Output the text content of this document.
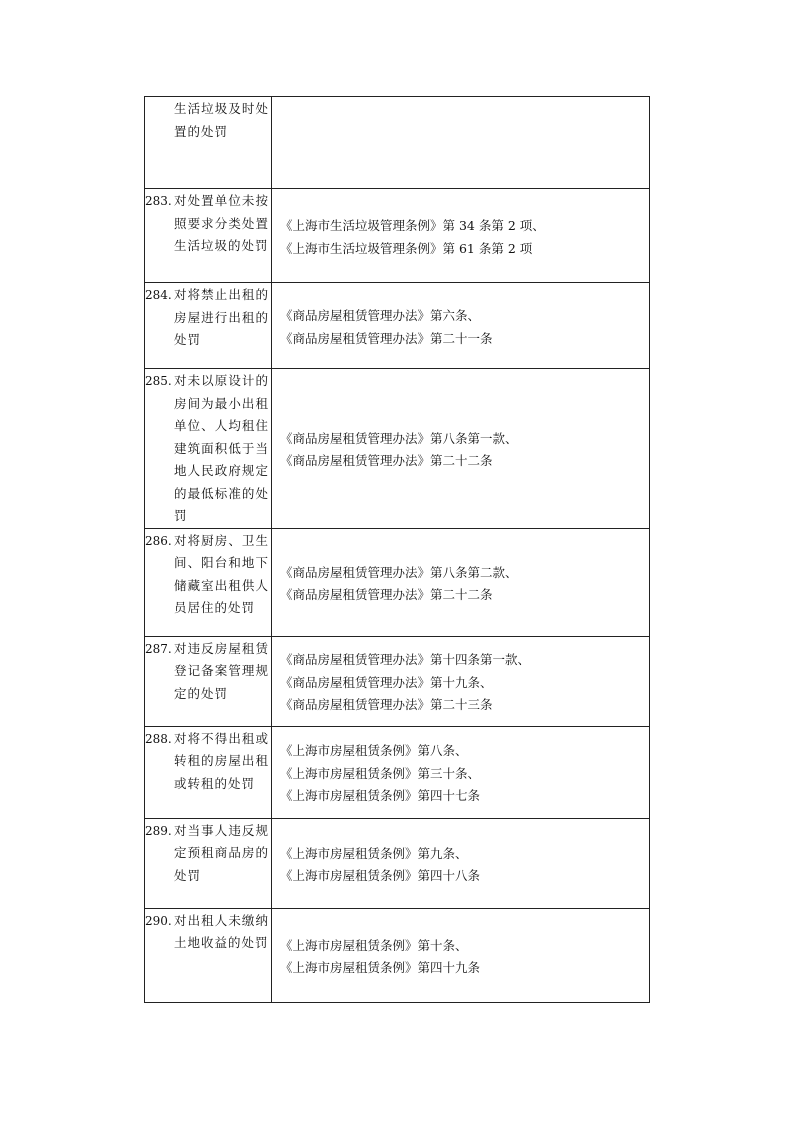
生活垃圾及时处置的处罚	

283. 对处置单位未按照要求分类处置生活垃圾的处罚	《上海市生活垃圾管理条例》第 34 条第 2 项、
《上海市生活垃圾管理条例》第 61 条第 2 项

284. 对将禁止出租的房屋进行出租的处罚	《商品房屋租赁管理办法》第六条、
《商品房屋租赁管理办法》第二十一条

285. 对未以原设计的房间为最小出租单位、人均租住建筑面积低于当地人民政府规定的最低标准的处罚	《商品房屋租赁管理办法》第八条第一款、
《商品房屋租赁管理办法》第二十二条

286. 对将厨房、卫生间、阳台和地下储藏室出租供人员居住的处罚	《商品房屋租赁管理办法》第八条第二款、
《商品房屋租赁管理办法》第二十二条

287. 对违反房屋租赁登记备案管理规定的处罚	《商品房屋租赁管理办法》第十四条第一款、
《商品房屋租赁管理办法》第十九条、
《商品房屋租赁管理办法》第二十三条

288. 对将不得出租或转租的房屋出租或转租的处罚	《上海市房屋租赁条例》第八条、
《上海市房屋租赁条例》第三十条、
《上海市房屋租赁条例》第四十七条

289. 对当事人违反规定预租商品房的处罚	《上海市房屋租赁条例》第九条、
《上海市房屋租赁条例》第四十八条

290. 对出租人未缴纳土地收益的处罚	《上海市房屋租赁条例》第十条、
《上海市房屋租赁条例》第四十九条
